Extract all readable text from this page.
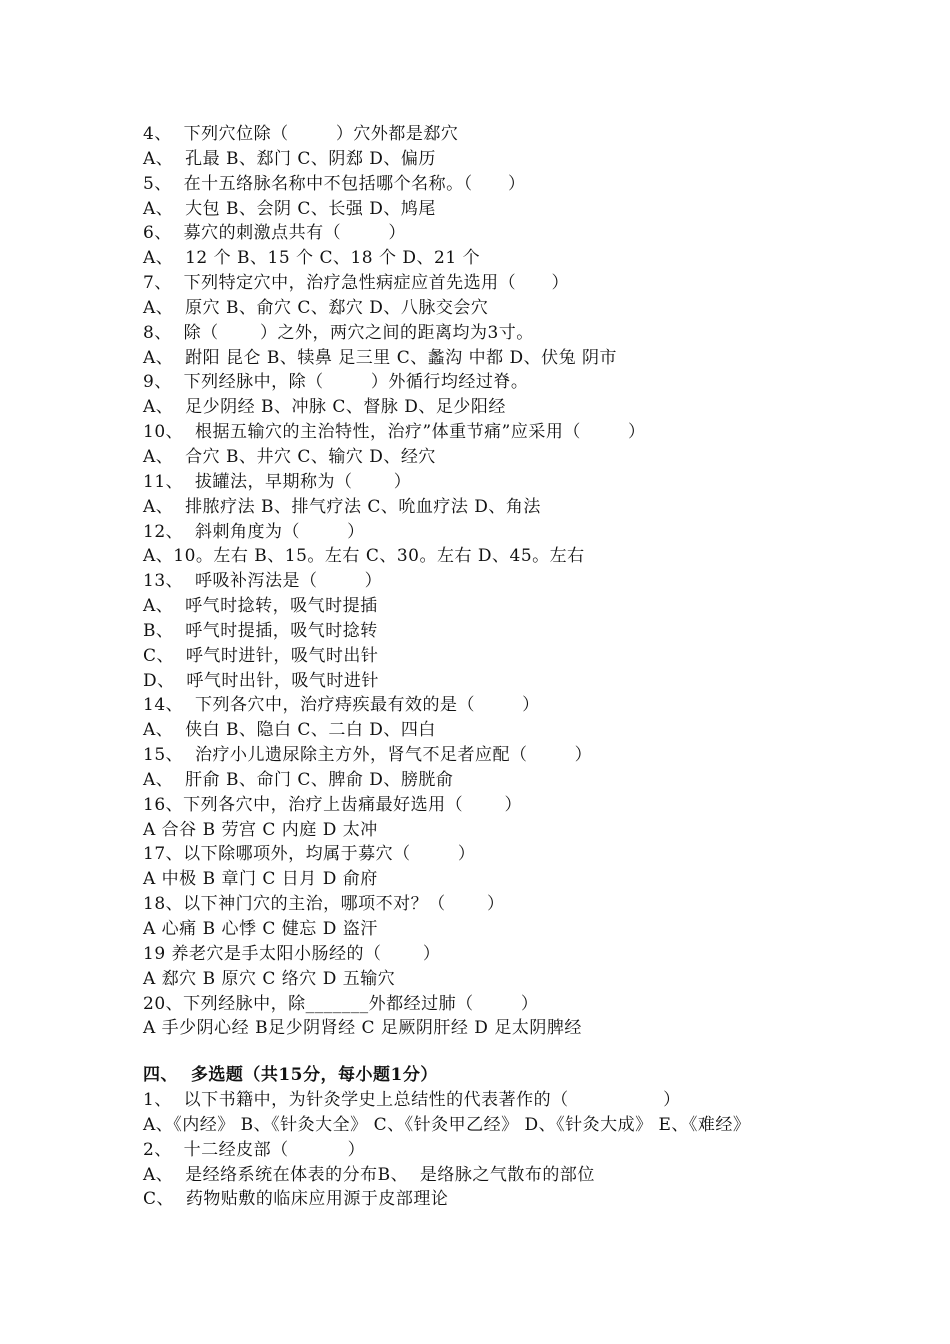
4、  下列穴位除（        ）穴外都是郄穴
A、  孔最 B、郄门 C、阴郄 D、偏历
5、  在十五络脉名称中不包括哪个名称。（      ）
A、  大包 B、会阴 C、长强 D、鸠尾
6、  募穴的刺激点共有（        ）
A、  12 个 B、15 个 C、18 个 D、21 个
7、  下列特定穴中，治疗急性病症应首先选用（      ）
A、  原穴 B、俞穴 C、郄穴 D、八脉交会穴
8、  除（       ）之外，两穴之间的距离均为3寸。
A、  跗阳 昆仑 B、犊鼻 足三里 C、蠡沟 中都 D、伏兔 阴市
9、  下列经脉中，除（        ）外循行均经过脊。
A、  足少阴经 B、冲脉 C、督脉 D、足少阳经
10、  根据五输穴的主治特性，治疗”体重节痛”应采用（        ）
A、  合穴 B、井穴 C、输穴 D、经穴
11、  拔罐法，早期称为（       ）
A、  排脓疗法 B、排气疗法 C、吮血疗法 D、角法
12、  斜刺角度为（        ）
A、10。左右 B、15。左右 C、30。左右 D、45。左右
13、  呼吸补泻法是（        ）
A、  呼气时捻转，吸气时提插
B、  呼气时提插，吸气时捻转
C、  呼气时进针，吸气时出针
D、  呼气时出针，吸气时进针
14、  下列各穴中，治疗痔疾最有效的是（        ）
A、  侠白 B、隐白 C、二白 D、四白
15、  治疗小儿遗尿除主方外，肾气不足者应配（        ）
A、  肝俞 B、命门 C、脾俞 D、膀胱俞
16、下列各穴中，治疗上齿痛最好选用（       ）
A 合谷 B 劳宫 C 内庭 D 太冲
17、以下除哪项外，均属于募穴（        ）
A 中极 B 章门 C 日月 D 俞府
18、以下神门穴的主治，哪项不对？（       ）
A 心痛 B 心悸 C 健忘 D 盗汗
19 养老穴是手太阳小肠经的（       ）
A 郄穴 B 原穴 C 络穴 D 五输穴
20、下列经脉中，除_______外都经过肺（        ）
A 手少阴心经 B足少阴肾经 C 足厥阴肝经 D 足太阴脾经
四、  多选题（共15分，每小题1分）
1、  以下书籍中，为针灸学史上总结性的代表著作的（                ）
A、《内经》 B、《针灸大全》 C、《针灸甲乙经》 D、《针灸大成》 E、《难经》
2、  十二经皮部（          ）
A、  是经络系统在体表的分布B、  是络脉之气散布的部位
C、  药物贴敷的临床应用源于皮部理论
